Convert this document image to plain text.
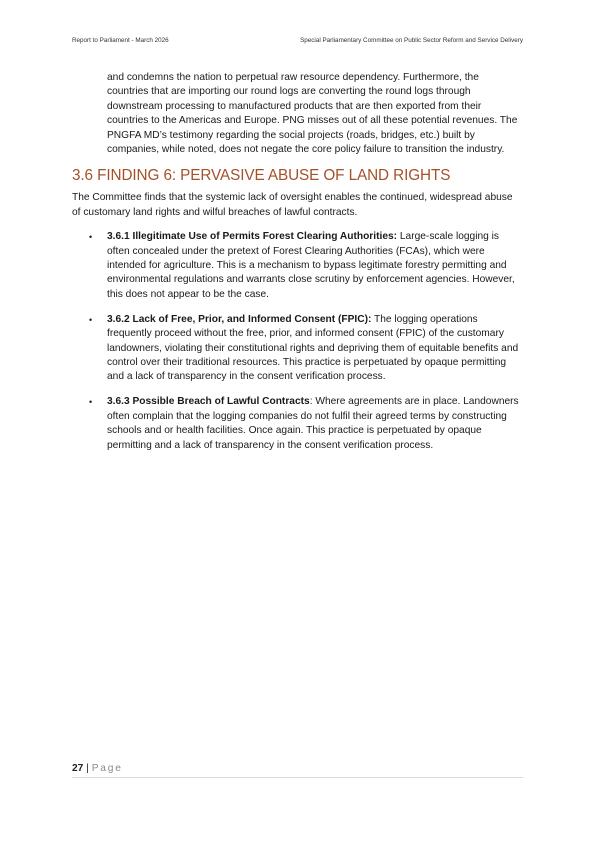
Report to Parliament - March 2026	Special Parliamentary Committee on Public Sector Reform and Service Delivery

and condemns the nation to perpetual raw resource dependency. Furthermore, the countries that are importing our round logs are converting the round logs through downstream processing to manufactured products that are then exported from their countries to the Americas and Europe. PNG misses out of all these potential revenues. The PNGFA MD’s testimony regarding the social projects (roads, bridges, etc.) built by companies, while noted, does not negate the core policy failure to transition the industry.

3.6 FINDING 6: PERVASIVE ABUSE OF LAND RIGHTS

The Committee finds that the systemic lack of oversight enables the continued, widespread abuse of customary land rights and wilful breaches of lawful contracts.

• 3.6.1 Illegitimate Use of Permits Forest Clearing Authorities: Large-scale logging is often concealed under the pretext of Forest Clearing Authorities (FCAs), which were intended for agriculture. This is a mechanism to bypass legitimate forestry permitting and environmental regulations and warrants close scrutiny by enforcement agencies. However, this does not appear to be the case.
• 3.6.2 Lack of Free, Prior, and Informed Consent (FPIC): The logging operations frequently proceed without the free, prior, and informed consent (FPIC) of the customary landowners, violating their constitutional rights and depriving them of equitable benefits and control over their traditional resources. This practice is perpetuated by opaque permitting and a lack of transparency in the consent verification process.
• 3.6.3 Possible Breach of Lawful Contracts: Where agreements are in place. Landowners often complain that the logging companies do not fulfil their agreed terms by constructing schools and or health facilities. Once again. This practice is perpetuated by opaque permitting and a lack of transparency in the consent verification process.
27 | Page
